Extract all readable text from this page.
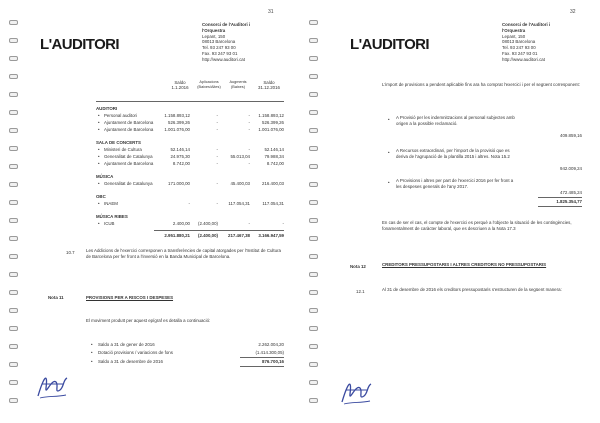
31
L'AUDITORI
Consorci de l'Auditori i
l'Orquestra
Lepant, 150
08013 Barcelona
Tel. 93 247 93 00
Fax. 93 247 93 01
http://www.auditori.cat
Saldo 1.1.2016
Aplicacions (Baixes/Altes)
Augments (Baixes)
Saldo 31.12.2016
AUDITORI
• Personal auditori	1.158.893,12	-	-	1.158.893,12
• Ajuntament de Barcelona	526.399,26	-	-	526.399,26
• Ajuntament de Barcelona	1.001.076,00	-	-	1.001.076,00
SALA DE CONCERTS
• Ministeri de Cultura	52.146,14	-	-	52.146,14
• Generalitat de Catalunya	24.975,30	-	55.013,04	79.988,34
• Ajuntament de Barcelona	8.742,00	-	-	8.742,00
MÚSICA
• Generalitat de Catalunya	171.000,00	-	45.400,03	216.400,03
OBC
• INAEM	-	-	117.054,31	117.054,31
MÚSICA RIBES
• ICUB	2.400,00	(2.400,00)	-	-
2.951.880,21	(2.400,00)	217.467,38	3.166.947,59
10.7	Les Addicions de l'exercici corresponen a transferències de capital atorgades per l'Institut de Cultura de Barcelona per fer front a l'inversió en la Banda Municipal de Barcelona.
Nota 11	PROVISIONS PER A RISCOS I DESPESES
El moviment produït per aquest epígraf es detalla a continuació:
• Saldo a 31 de gener de 2016	2.262.004,20
• Dotació provisions / variacions de fons	(1.414.300,05)
• Saldo a 31 de desembre de 2016	876.700,16
32
L'AUDITORI
Consorci de l'Auditori i
l'Orquestra
Lepant, 150
08013 Barcelona
Tel. 93 247 93 00
Fax. 93 247 93 01
http://www.auditori.cat
L'import de provisions a pendent aplicable fins ara ha comprat l'exercici i per el següent corresponent:
• A Provisió per les indemnitzacions al personal subjectes amb origen a la possible reclamació.
409.859,16
• A Recursos extraordinari, per l'import de la provisió que es deriva de l'agrupació de la plantilla 2015 i altres. Nota 15.2
942.009,24
• A Provisions i altres per part de l'exercici 2016 per fer front a les despeses generals de l'any 2017.
472.485,24
1.825.354,77
En cas de ser el cas, el compte de l'exercici es perquè a l'objecte la situació de les contingències, fonamentalment de caràcter laboral, que es descriuen a la Nota 17.3
Nota 12	CREDITORS PRESSUPOSTARIS I ALTRES CREDITORS NO PRESSUPOSTARIS
12.1	Al 31 de desembre de 2016 els creditors pressupostaris s'estructuren de la següent manera:
